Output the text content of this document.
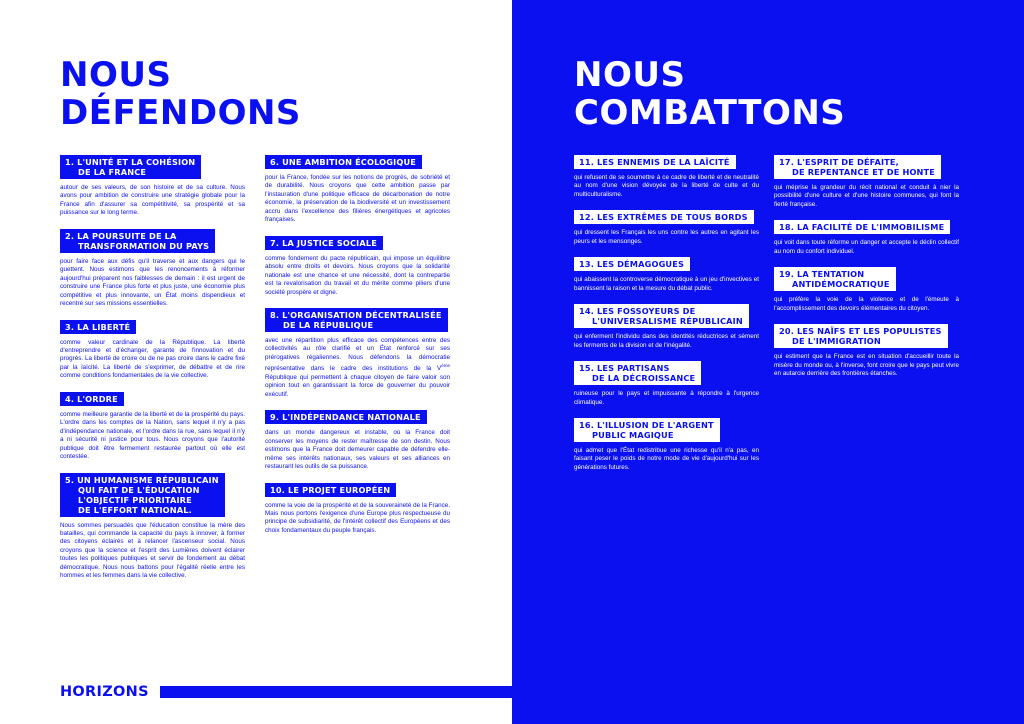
NOUS
DÉFENDONS
1. L'UNITÉ ET LA COHÉSION
DE LA FRANCE

autour de ses valeurs, de son histoire et de sa culture. Nous avons pour ambition de construire une stratégie globale pour la France afin d'assurer sa compétitivité, sa prospérité et sa puissance sur le long terme.

2. LA POURSUITE DE LA
TRANSFORMATION DU PAYS

pour faire face aux défis qu'il traverse et aux dangers qui le guettent. Nous estimons que les renoncements à réformer aujourd'hui préparent nos faiblesses de demain : il est urgent de construire une France plus forte et plus juste, une économie plus compétitive et plus innovante, un État moins dispendieux et recentré sur ses missions essentielles.

3. LA LIBERTÉ

comme valeur cardinale de la République. La liberté d'entreprendre et d'échanger, garante de l'innovation et du progrès. La liberté de croire ou de ne pas croire dans le cadre fixé par la laïcité. La liberté de s'exprimer, de débattre et de rire comme conditions fondamentales de la vie collective.

4. L'ORDRE

comme meilleure garantie de la liberté et de la prospérité du pays. L'ordre dans les comptes de la Nation, sans lequel il n'y a pas d'indépendance nationale, et l'ordre dans la rue, sans lequel il n'y a ni sécurité ni justice pour tous. Nous croyons que l'autorité publique doit être fermement restaurée partout où elle est contestée.

5. UN HUMANISME RÉPUBLICAIN
QUI FAIT DE L'ÉDUCATION
L'OBJECTIF PRIORITAIRE
DE L'EFFORT NATIONAL.

Nous sommes persuadés que l'éducation constitue la mère des batailles, qui commande la capacité du pays à innover, à former des citoyens éclairés et à relancer l'ascenseur social. Nous croyons que la science et l'esprit des Lumières doivent éclairer toutes les politiques publiques et servir de fondement au débat démocratique. Nous nous battons pour l'égalité réelle entre les hommes et les femmes dans la vie collective.

6. UNE AMBITION ÉCOLOGIQUE

pour la France, fondée sur les notions de progrès, de sobriété et de durabilité. Nous croyons que cette ambition passe par l'instauration d'une politique efficace de décarbonation de notre économie, la préservation de la biodiversité et un investissement accru dans l'excellence des filières énergétiques et agricoles françaises.

7. LA JUSTICE SOCIALE

comme fondement du pacte républicain, qui impose un équilibre absolu entre droits et devoirs. Nous croyons que la solidarité nationale est une chance et une nécessité, dont la contrepartie est la revalorisation du travail et du mérite comme piliers d'une société prospère et digne.

8. L'ORGANISATION DÉCENTRALISÉE
DE LA RÉPUBLIQUE

avec une répartition plus efficace des compétences entre des collectivités au rôle clarifié et un État renforcé sur ses prérogatives régaliennes. Nous défendons la démocratie représentative dans le cadre des institutions de la Vème République qui permettent à chaque citoyen de faire valoir son opinion tout en garantissant la force de gouverner du pouvoir exécutif.

9. L'INDÉPENDANCE NATIONALE

dans un monde dangereux et instable, où la France doit conserver les moyens de rester maîtresse de son destin. Nous estimons que la France doit demeurer capable de défendre elle-même ses intérêts nationaux, ses valeurs et ses alliances en restaurant les outils de sa puissance.

10. LE PROJET EUROPÉEN

comme la voie de la prospérité et de la souveraineté de la France. Mais nous portons l'exigence d'une Europe plus respectueuse du principe de subsidiarité, de l'intérêt collectif des Européens et des choix fondamentaux du peuple français.

HORIZONS
NOUS
COMBATTONS
11. LES ENNEMIS DE LA LAÏCITÉ

qui refusent de se soumettre à ce cadre de liberté et de neutralité au nom d'une vision dévoyée de la liberté de culte et du multiculturalisme.

12. LES EXTRÊMES DE TOUS BORDS

qui dressent les Français les uns contre les autres en agitant les peurs et les mensonges.

13. LES DÉMAGOGUES

qui abaissent la controverse démocratique à un jeu d'invectives et bannissent la raison et la mesure du débat public.

14. LES FOSSOYEURS DE
L'UNIVERSALISME RÉPUBLICAIN

qui enferment l'individu dans des identités réductrices et sèment les ferments de la division et de l'inégalité.

15. LES PARTISANS
DE LA DÉCROISSANCE

ruineuse pour le pays et impuissante à répondre à l'urgence climatique.

16. L'ILLUSION DE L'ARGENT
PUBLIC MAGIQUE

qui admet que l'État redistribue une richesse qu'il n'a pas, en faisant peser le poids de notre mode de vie d'aujourd'hui sur les générations futures.

17. L'ESPRIT DE DÉFAITE,
DE REPENTANCE ET DE HONTE

qui méprise la grandeur du récit national et conduit à nier la possibilité d'une culture et d'une histoire communes, qui font la fierté française.

18. LA FACILITÉ DE L'IMMOBILISME

qui voit dans toute réforme un danger et accepte le déclin collectif au nom du confort individuel.

19. LA TENTATION
ANTIDÉMOCRATIQUE

qui préfère la voie de la violence et de l'émeute à l'accomplissement des devoirs élémentaires du citoyen.

20. LES NAÏFS ET LES POPULISTES
DE L'IMMIGRATION

qui estiment que la France est en situation d'accueillir toute la misère du monde ou, à l'inverse, font croire que le pays peut vivre en autarcie derrière des frontières étanches.
